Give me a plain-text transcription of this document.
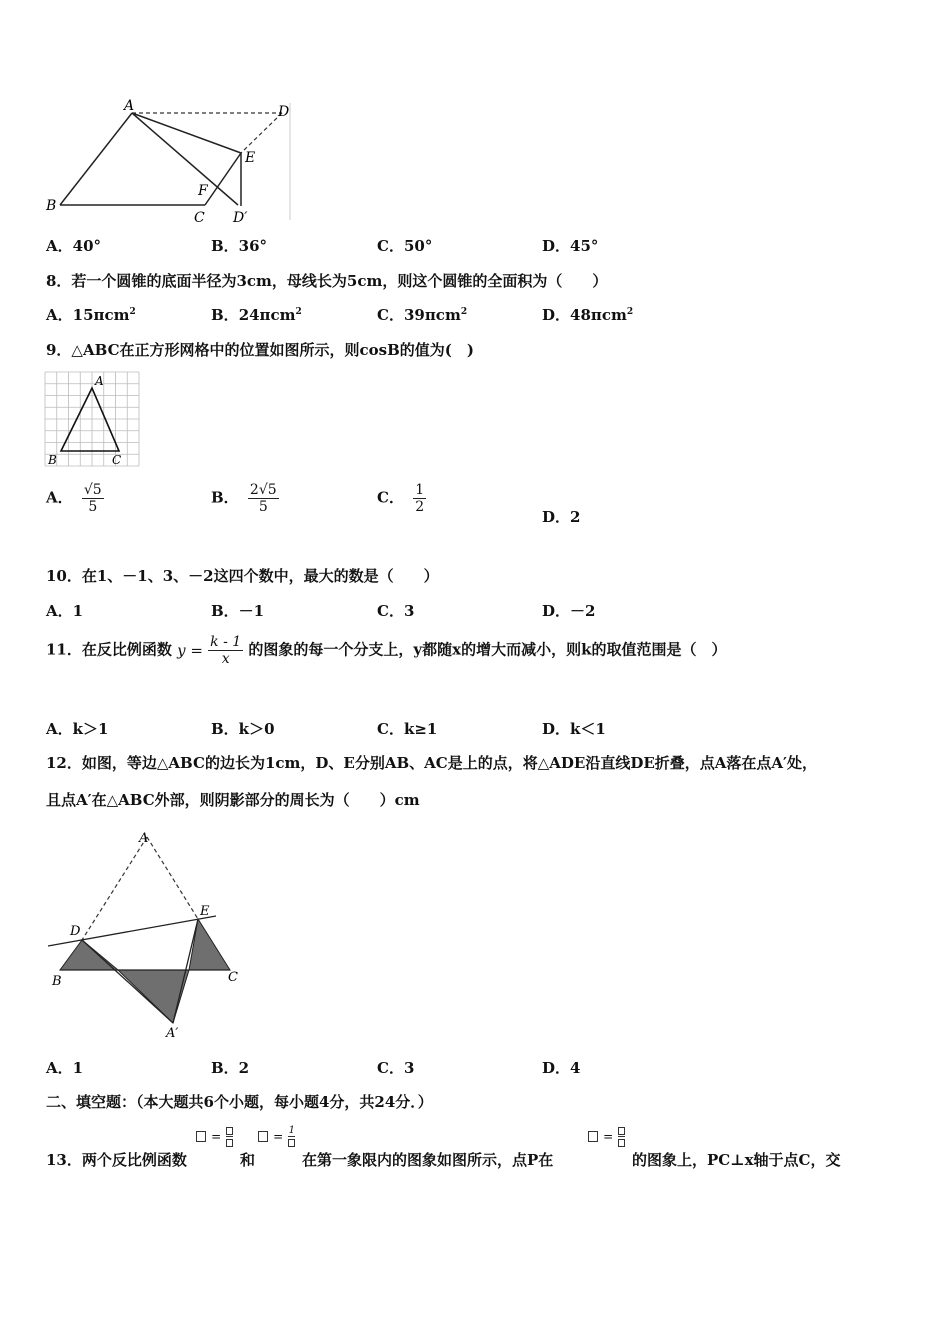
A	D
E
F
B
C D′
A．40°	B．36°	C．50°	D．45°
8．若一个圆锥的底面半径为3cm，母线长为5cm，则这个圆锥的全面积为（　　）
A．15πcm$^2$	B．24πcm$^2$	C．39πcm$^2$	D．48πcm$^2$
9．△ABC在正方形网格中的位置如图所示，则cosB的值为(　)
A
B	C
A． $\frac{√5}{5}$	B． $\frac{2√5}{5}$	C． $\frac{1}{2}$
D．2
10．在1、－1、3、－2这四个数中，最大的数是（　　）
A．1	B．－1	C．3	D．－2
11．在反比例函数 $y = \frac{k - 1}{x}$ 的图象的每一个分支上，y都随x的增大而减小，则k的取值范围是（　）
A．k＞1	B．k＞0	C．k≥1	D．k＜1
12．如图，等边△ABC的边长为1cm，D、E分别AB、AC是上的点，将△ADE沿直线DE折叠，点A落在点A′处，
且点A′在△ABC外部，则阴影部分的周长为（　　）cm
A
D
E
B	C
A′
A．1	B．2	C．3	D．4
二、填空题：（本大题共6个小题，每小题4分，共24分．）
13．两个反比例函数
=
和
= 1
在第一象限内的图象如图所示，点P在
=
的图象上，PC⊥x轴于点C，交
